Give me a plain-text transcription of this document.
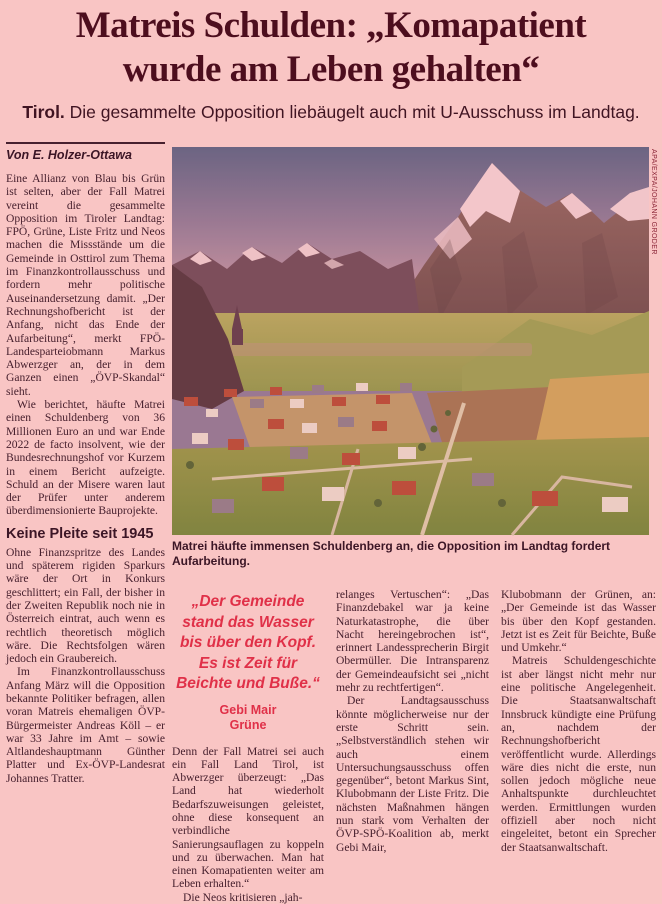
Matreis Schulden: „Komapatient
wurde am Leben gehalten“
Tirol. Die gesammelte Opposition liebäugelt auch mit U-Ausschuss im Landtag.
Von E. Holzer-Ottawa

Eine Allianz von Blau bis Grün ist selten, aber der Fall Matrei vereint die gesammelte Opposition im Tiroler Landtag: FPÖ, Grüne, Liste Fritz und Neos machen die Missstände um die Gemeinde in Osttirol zum Thema im Finanzkontrollausschuss und fordern mehr politische Auseinandersetzung damit. „Der Rechnungshofbericht ist der Anfang, nicht das Ende der Aufarbeitung“, merkt FPÖ-Landesparteiobmann Markus Abwerzger an, der in dem Ganzen einen „ÖVP-Skandal“ sieht.

Wie berichtet, häufte Matrei einen Schuldenberg von 36 Millionen Euro an und war Ende 2022 de facto insolvent, wie der Bundesrechnungshof vor Kurzem in einem Bericht aufzeigte. Schuld an der Misere waren laut der Prüfer unter anderem überdimensionierte Bauprojekte.

Keine Pleite seit 1945

Ohne Finanzspritze des Landes und späterem rigiden Sparkurs wäre der Ort in Konkurs geschlittert; ein Fall, der bisher in der Zweiten Republik noch nie in Österreich eintrat, auch wenn es rechtlich theoretisch möglich wäre. Die Rechtsfolgen wären jedoch ein Graubereich.

Im Finanzkontrollausschuss Anfang März will die Opposition bekannte Politiker befragen, allen voran Matreis ehemaligen ÖVP-Bürgermeister Andreas Köll – er war 33 Jahre im Amt – sowie Altlandeshauptmann Günther Platter und Ex-ÖVP-Landesrat Johannes Tratter.

APA/EXPA/JOHANN GRODER
Matrei häufte immensen Schuldenberg an, die Opposition im Landtag fordert Aufarbeitung.
„Der Gemeinde stand das Wasser bis über den Kopf. Es ist Zeit für Beichte und Buße.“
Gebi Mair
Grüne

Denn der Fall Matrei sei auch ein Fall Land Tirol, ist Abwerzger überzeugt: „Das Land hat wiederholt Bedarfszuweisungen geleistet, ohne diese konsequent an verbindliche Sanierungsauflagen zu koppeln und zu überwachen. Man hat einen Komapatienten weiter am Leben erhalten.“

Die Neos kritisieren „jah-

relanges Vertuschen“: „Das Finanzdebakel war ja keine Naturkatastrophe, die über Nacht hereingebrochen ist“, erinnert Landessprecherin Birgit Obermüller. Die Intransparenz der Gemeindeaufsicht sei „nicht mehr zu rechtfertigen“.

Der Landtagsausschuss könnte möglicherweise nur der erste Schritt sein. „Selbstverständlich stehen wir auch einem Untersuchungsausschuss offen gegenüber“, betont Markus Sint, Klubobmann der Liste Fritz. Die nächsten Maßnahmen hängen nun stark vom Verhalten der ÖVP-SPÖ-Koalition ab, merkt Gebi Mair,

Klubobmann der Grünen, an: „Der Gemeinde ist das Wasser bis über den Kopf gestanden. Jetzt ist es Zeit für Beichte, Buße und Umkehr.“

Matreis Schuldengeschichte ist aber längst nicht mehr nur eine politische Angelegenheit. Die Staatsanwaltschaft Innsbruck kündigte eine Prüfung an, nachdem der Rechnungshofbericht veröffentlicht wurde. Allerdings wäre dies nicht die erste, nun sollen jedoch mögliche neue Anhaltspunkte durchleuchtet werden. Ermittlungen wurden offiziell aber noch nicht eingeleitet, betont ein Sprecher der Staatsanwaltschaft.
